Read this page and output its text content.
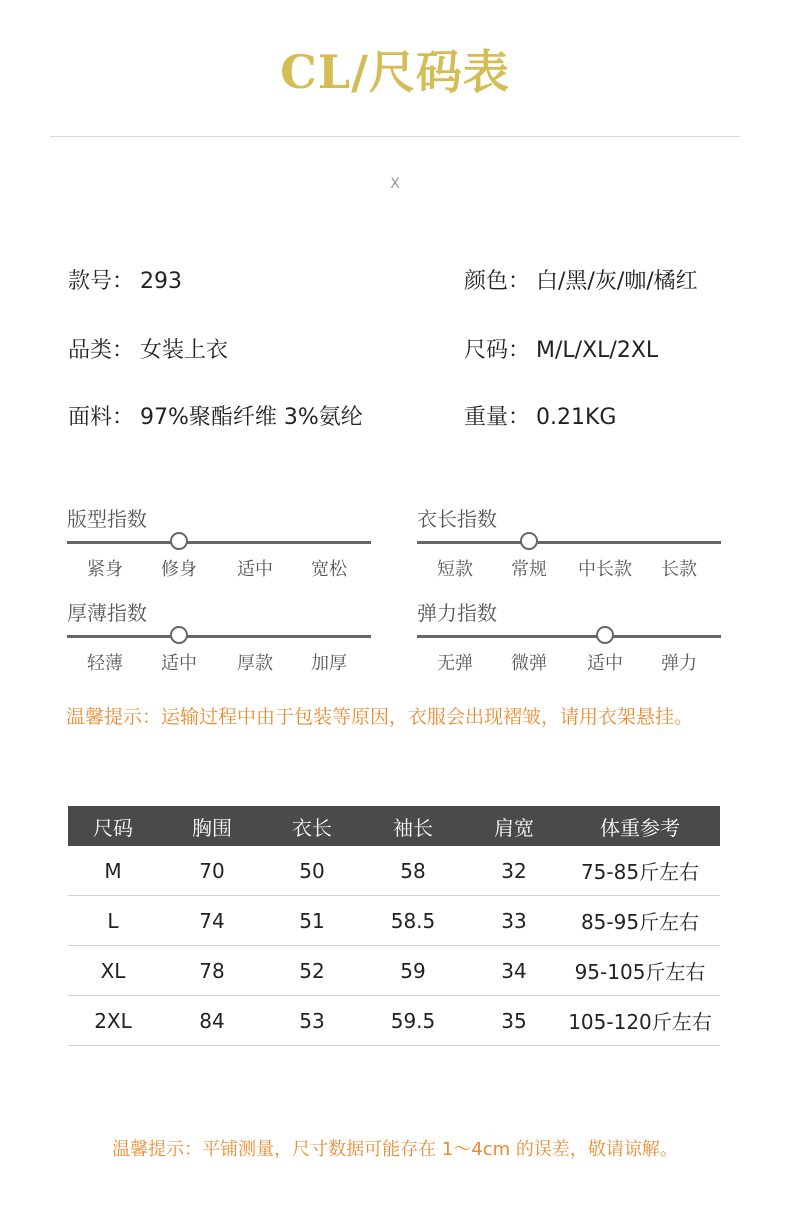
CL/尺码表
X
款号： 293	颜色： 白/黑/灰/咖/橘红
品类： 女装上衣	尺码： M/L/XL/2XL
面料： 97%聚酯纤维 3%氨纶	重量： 0.21KG
版型指数
紧身	修身	适中	宽松
衣长指数
短款	常规	中长款	长款
厚薄指数
轻薄	适中	厚款	加厚
弹力指数
无弹	微弹	适中	弹力
温馨提示：运输过程中由于包装等原因，衣服会出现褶皱，请用衣架悬挂。
尺码	胸围	衣长	袖长	肩宽	体重参考
M	70	50	58	32	75-85斤左右
L	74	51	58.5	33	85-95斤左右
XL	78	52	59	34	95-105斤左右
2XL	84	53	59.5	35	105-120斤左右
温馨提示：平铺测量，尺寸数据可能存在 1～4cm 的误差，敬请谅解。
